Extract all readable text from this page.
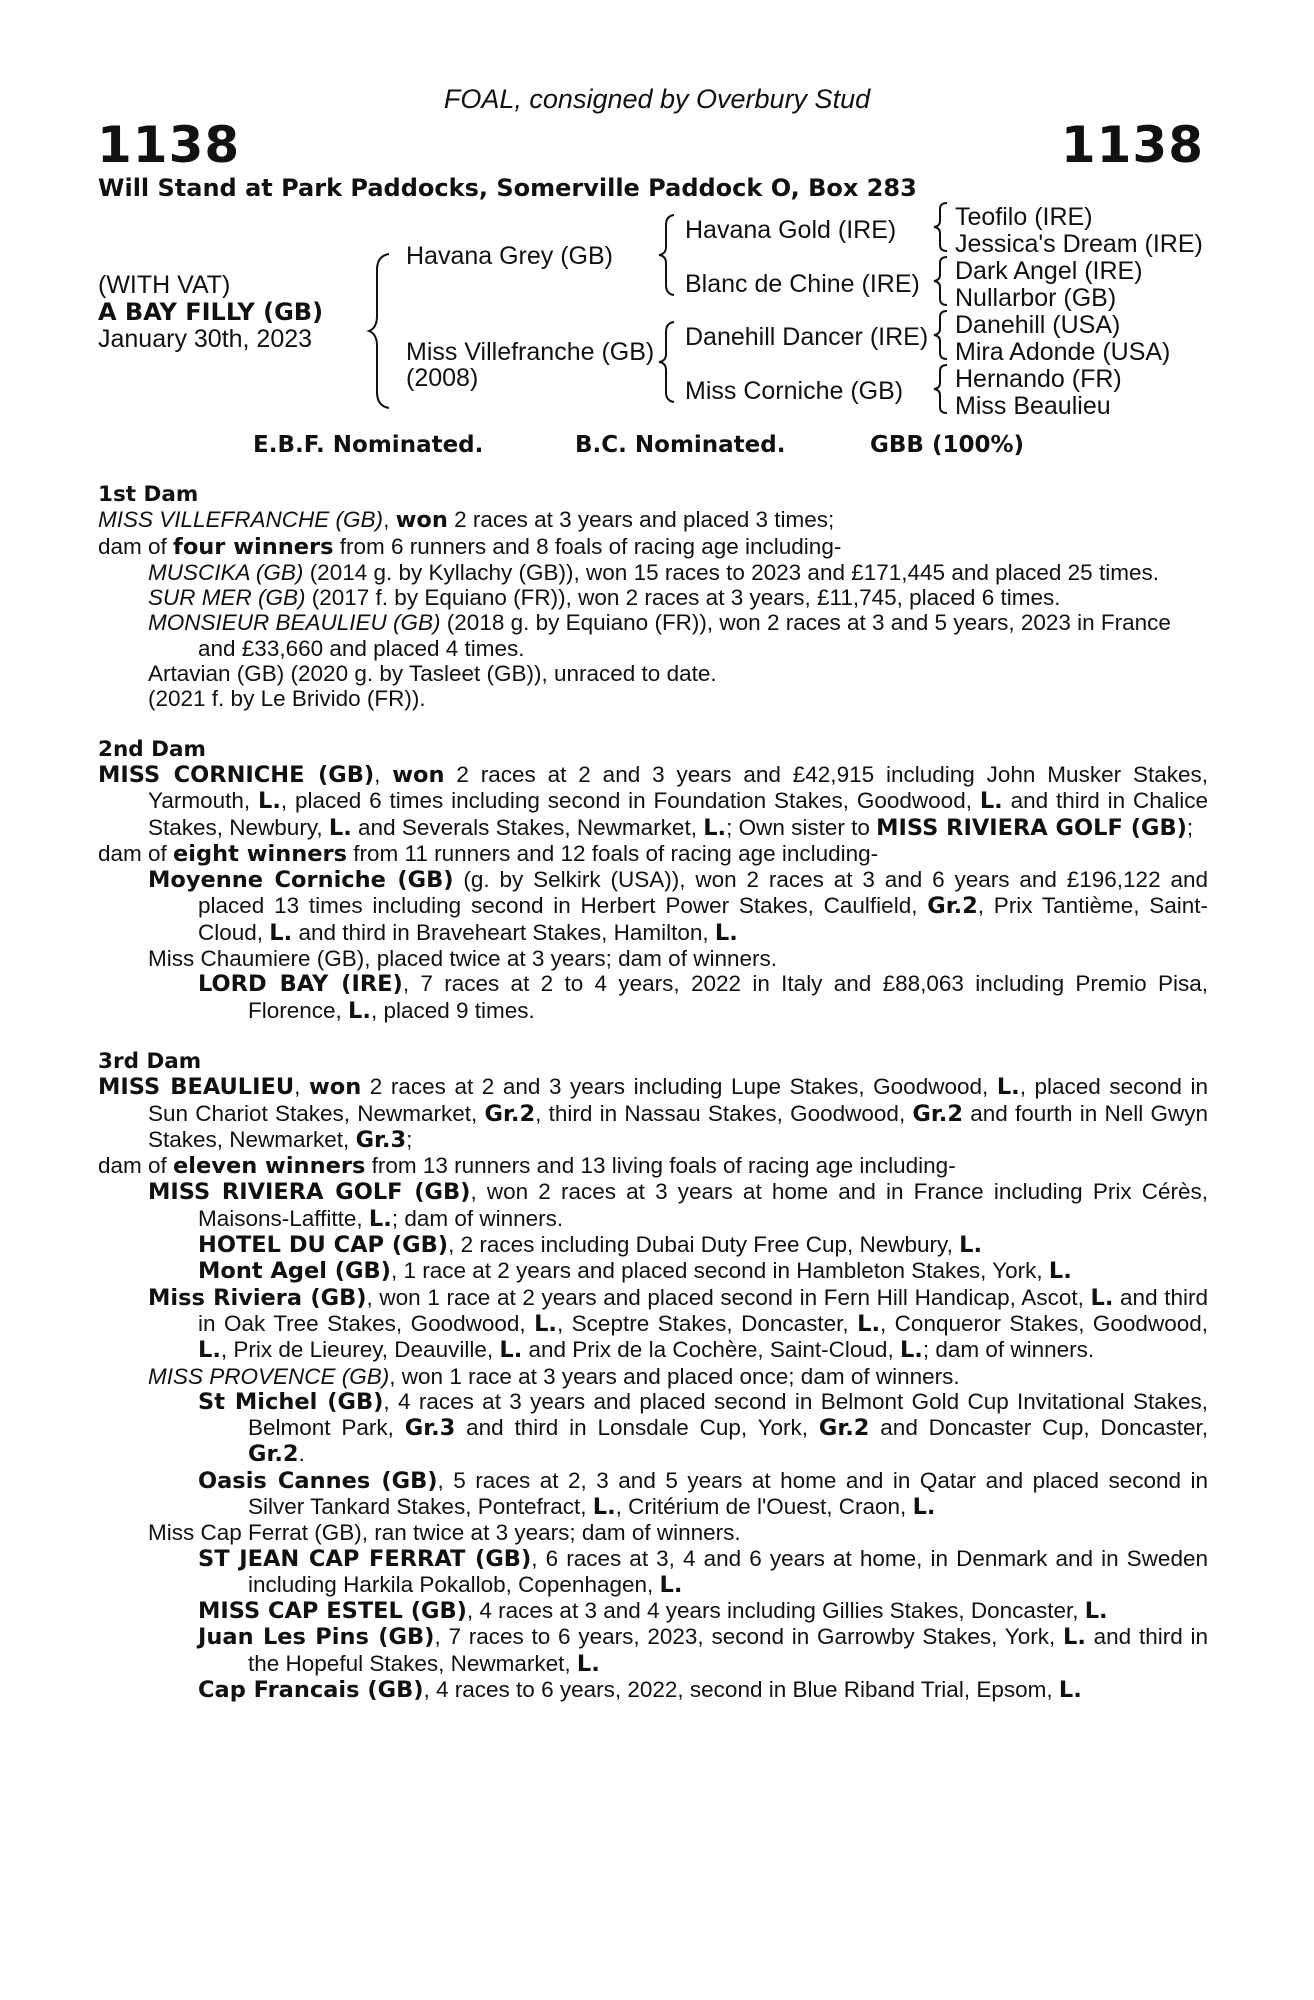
FOAL, consigned by Overbury Stud
1138	1138
Will Stand at Park Paddocks, Somerville Paddock O, Box 283
(WITH VAT)
A BAY FILLY (GB)
January 30th, 2023
Havana Grey (GB)
Miss Villefranche (GB)
(2008)
Havana Gold (IRE)
Blanc de Chine (IRE)
Danehill Dancer (IRE)
Miss Corniche (GB)
Teofilo (IRE)
Jessica's Dream (IRE)
Dark Angel (IRE)
Nullarbor (GB)
Danehill (USA)
Mira Adonde (USA)
Hernando (FR)
Miss Beaulieu
E.B.F. Nominated.	B.C. Nominated.	GBB (100%)

1st Dam

MISS VILLEFRANCHE (GB), won 2 races at 3 years and placed 3 times;

dam of four winners from 6 runners and 8 foals of racing age including-

MUSCIKA (GB) (2014 g. by Kyllachy (GB)), won 15 races to 2023 and £171,445 and placed 25 times.

SUR MER (GB) (2017 f. by Equiano (FR)), won 2 races at 3 years, £11,745, placed 6 times.

MONSIEUR BEAULIEU (GB) (2018 g. by Equiano (FR)), won 2 races at 3 and 5 years, 2023 in France and £33,660 and placed 4 times.

Artavian (GB) (2020 g. by Tasleet (GB)), unraced to date.

(2021 f. by Le Brivido (FR)).

2nd Dam

MISS CORNICHE (GB), won 2 races at 2 and 3 years and £42,915 including John Musker Stakes, Yarmouth, L., placed 6 times including second in Foundation Stakes, Goodwood, L. and third in Chalice Stakes, Newbury, L. and Severals Stakes, Newmarket, L.; Own sister to MISS RIVIERA GOLF (GB);

dam of eight winners from 11 runners and 12 foals of racing age including-

Moyenne Corniche (GB) (g. by Selkirk (USA)), won 2 races at 3 and 6 years and £196,122 and placed 13 times including second in Herbert Power Stakes, Caulfield, Gr.2, Prix Tantième, Saint-Cloud, L. and third in Braveheart Stakes, Hamilton, L.

Miss Chaumiere (GB), placed twice at 3 years; dam of winners.

LORD BAY (IRE), 7 races at 2 to 4 years, 2022 in Italy and £88,063 including Premio Pisa, Florence, L., placed 9 times.

3rd Dam

MISS BEAULIEU, won 2 races at 2 and 3 years including Lupe Stakes, Goodwood, L., placed second in Sun Chariot Stakes, Newmarket, Gr.2, third in Nassau Stakes, Goodwood, Gr.2 and fourth in Nell Gwyn Stakes, Newmarket, Gr.3;

dam of eleven winners from 13 runners and 13 living foals of racing age including-

MISS RIVIERA GOLF (GB), won 2 races at 3 years at home and in France including Prix Cérès, Maisons-Laffitte, L.; dam of winners.

HOTEL DU CAP (GB), 2 races including Dubai Duty Free Cup, Newbury, L.

Mont Agel (GB), 1 race at 2 years and placed second in Hambleton Stakes, York, L.

Miss Riviera (GB), won 1 race at 2 years and placed second in Fern Hill Handicap, Ascot, L. and third in Oak Tree Stakes, Goodwood, L., Sceptre Stakes, Doncaster, L., Conqueror Stakes, Goodwood, L., Prix de Lieurey, Deauville, L. and Prix de la Cochère, Saint-Cloud, L.; dam of winners.

MISS PROVENCE (GB), won 1 race at 3 years and placed once; dam of winners.

St Michel (GB), 4 races at 3 years and placed second in Belmont Gold Cup Invitational Stakes, Belmont Park, Gr.3 and third in Lonsdale Cup, York, Gr.2 and Doncaster Cup, Doncaster, Gr.2.

Oasis Cannes (GB), 5 races at 2, 3 and 5 years at home and in Qatar and placed second in Silver Tankard Stakes, Pontefract, L., Critérium de l'Ouest, Craon, L.

Miss Cap Ferrat (GB), ran twice at 3 years; dam of winners.

ST JEAN CAP FERRAT (GB), 6 races at 3, 4 and 6 years at home, in Denmark and in Sweden including Harkila Pokallob, Copenhagen, L.

MISS CAP ESTEL (GB), 4 races at 3 and 4 years including Gillies Stakes, Doncaster, L.

Juan Les Pins (GB), 7 races to 6 years, 2023, second in Garrowby Stakes, York, L. and third in the Hopeful Stakes, Newmarket, L.

Cap Francais (GB), 4 races to 6 years, 2022, second in Blue Riband Trial, Epsom, L.
